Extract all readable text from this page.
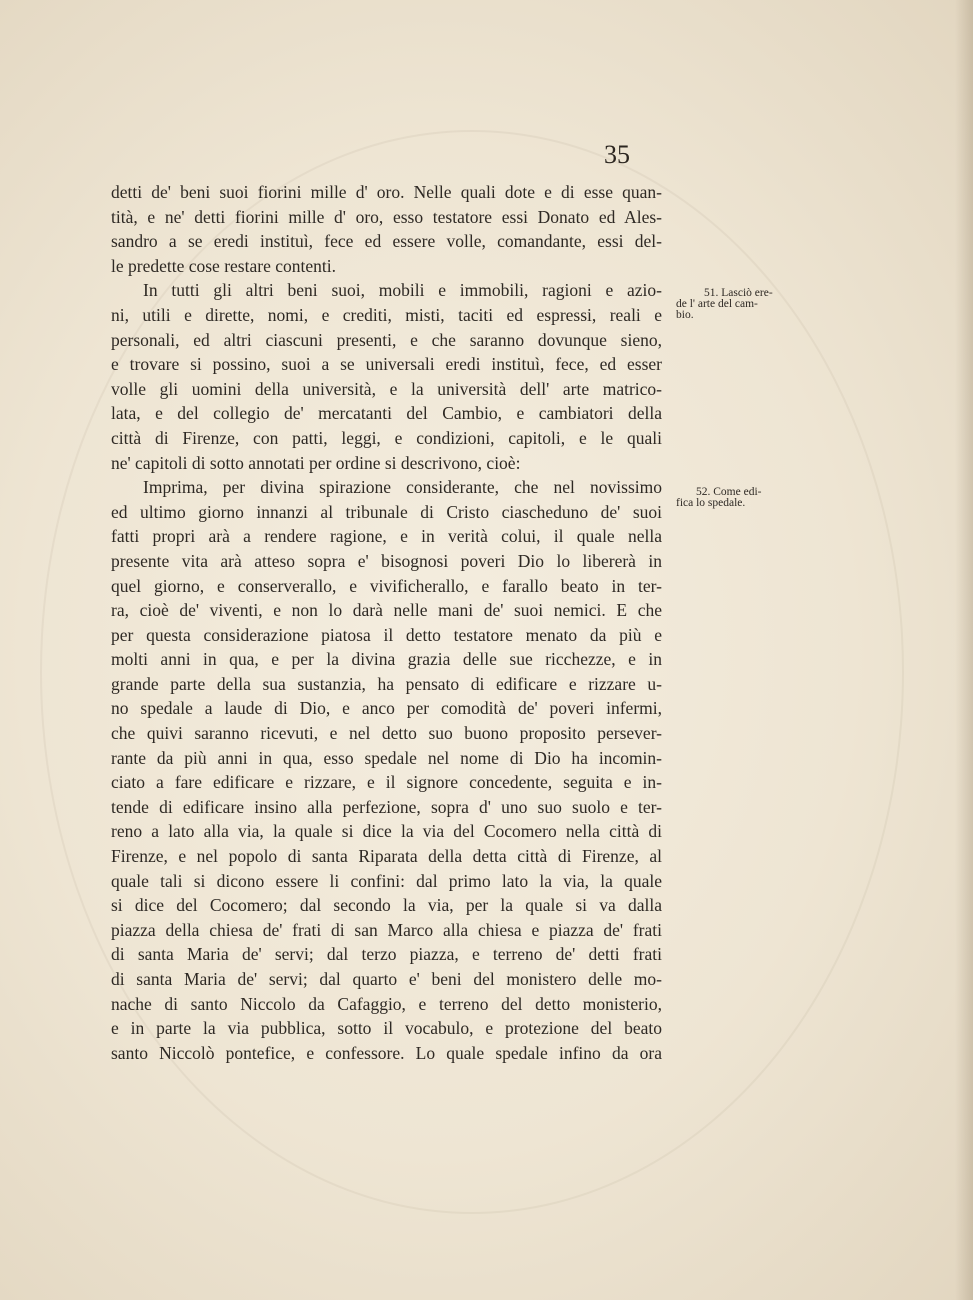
35

detti de' beni suoi fiorini mille d' oro. Nelle quali dote e di esse quan-

tità, e ne' detti fiorini mille d' oro, esso testatore essi Donato ed Ales-

sandro a se eredi instituì, fece ed essere volle, comandante, essi del-

le predette cose restare contenti.

In tutti gli altri beni suoi, mobili e immobili, ragioni e azio-

ni, utili e dirette, nomi, e crediti, misti, taciti ed espressi, reali e

personali, ed altri ciascuni presenti, e che saranno dovunque sieno,

e trovare si possino, suoi a se universali eredi instituì, fece, ed esser

volle gli uomini della università, e la università dell' arte matrico-

lata, e del collegio de' mercatanti del Cambio, e cambiatori della

città di Firenze, con patti, leggi, e condizioni, capitoli, e le quali

ne' capitoli di sotto annotati per ordine si descrivono, cioè:

Imprima, per divina spirazione considerante, che nel novissimo

ed ultimo giorno innanzi al tribunale di Cristo ciascheduno de' suoi

fatti propri arà a rendere ragione, e in verità colui, il quale nella

presente vita arà atteso sopra e' bisognosi poveri Dio lo libererà in

quel giorno, e conserverallo, e vivificherallo, e farallo beato in ter-

ra, cioè de' viventi, e non lo darà nelle mani de' suoi nemici. E che

per questa considerazione piatosa il detto testatore menato da più e

molti anni in qua, e per la divina grazia delle sue ricchezze, e in

grande parte della sua sustanzia, ha pensato di edificare e rizzare u-

no spedale a laude di Dio, e anco per comodità de' poveri infermi,

che quivi saranno ricevuti, e nel detto suo buono proposito persever-

rante da più anni in qua, esso spedale nel nome di Dio ha incomin-

ciato a fare edificare e rizzare, e il signore concedente, seguita e in-

tende di edificare insino alla perfezione, sopra d' uno suo suolo e ter-

reno a lato alla via, la quale si dice la via del Cocomero nella città di

Firenze, e nel popolo di santa Riparata della detta città di Firenze, al

quale tali si dicono essere li confini: dal primo lato la via, la quale

si dice del Cocomero; dal secondo la via, per la quale si va dalla

piazza della chiesa de' frati di san Marco alla chiesa e piazza de' frati

di santa Maria de' servi; dal terzo piazza, e terreno de' detti frati

di santa Maria de' servi; dal quarto e' beni del monistero delle mo-

nache di santo Niccolo da Cafaggio, e terreno del detto monisterio,

e in parte la via pubblica, sotto il vocabulo, e protezione del beato

santo Niccolò pontefice, e confessore. Lo quale spedale infino da ora

51. Lasciò ere-
de l' arte del cam-
bio.
52. Come edi-
fica lo spedale.
